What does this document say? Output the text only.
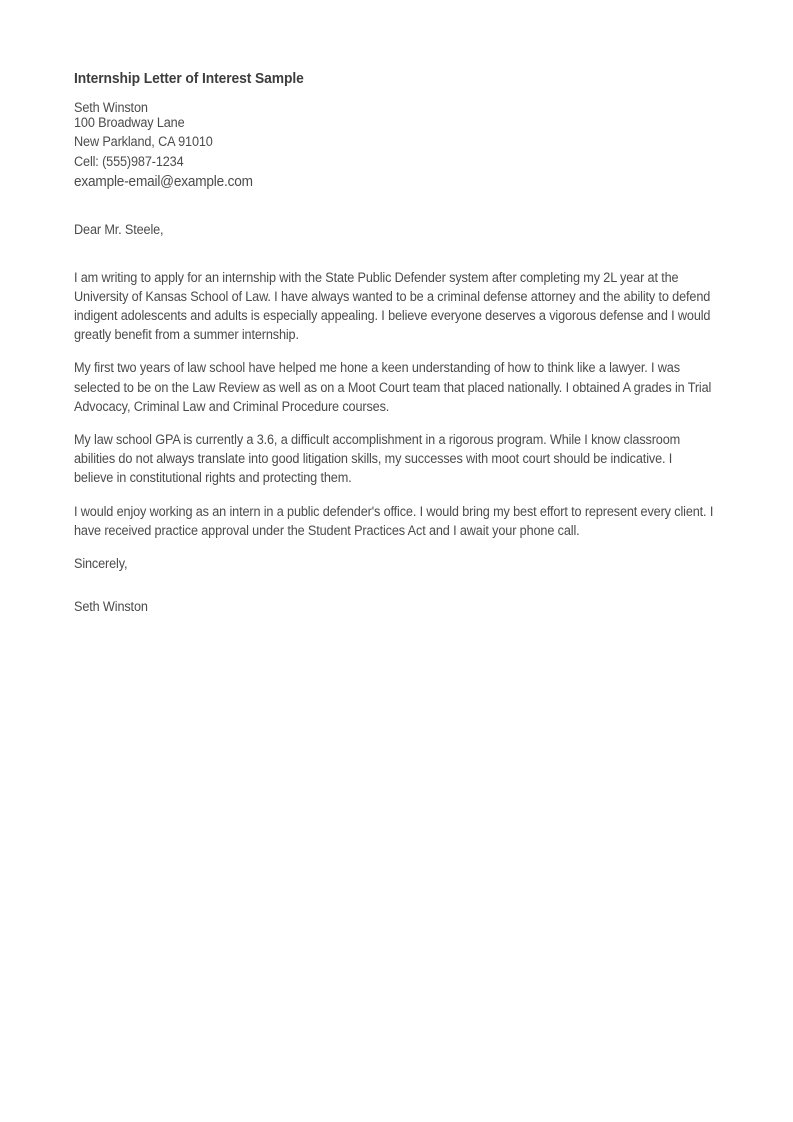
Internship Letter of Interest Sample
Seth Winston
100 Broadway Lane
New Parkland, CA 91010
Cell: (555)987-1234
example-email@example.com
Dear Mr. Steele,

I am writing to apply for an internship with the State Public Defender system after completing my 2L year at the University of Kansas School of Law. I have always wanted to be a criminal defense attorney and the ability to defend indigent adolescents and adults is especially appealing. I believe everyone deserves a vigorous defense and I would greatly benefit from a summer internship.

My first two years of law school have helped me hone a keen understanding of how to think like a lawyer. I was selected to be on the Law Review as well as on a Moot Court team that placed nationally. I obtained A grades in Trial Advocacy, Criminal Law and Criminal Procedure courses.

My law school GPA is currently a 3.6, a difficult accomplishment in a rigorous program. While I know classroom abilities do not always translate into good litigation skills, my successes with moot court should be indicative. I believe in constitutional rights and protecting them.

I would enjoy working as an intern in a public defender's office. I would bring my best effort to represent every client. I have received practice approval under the Student Practices Act and I await your phone call.

Sincerely,
Seth Winston
